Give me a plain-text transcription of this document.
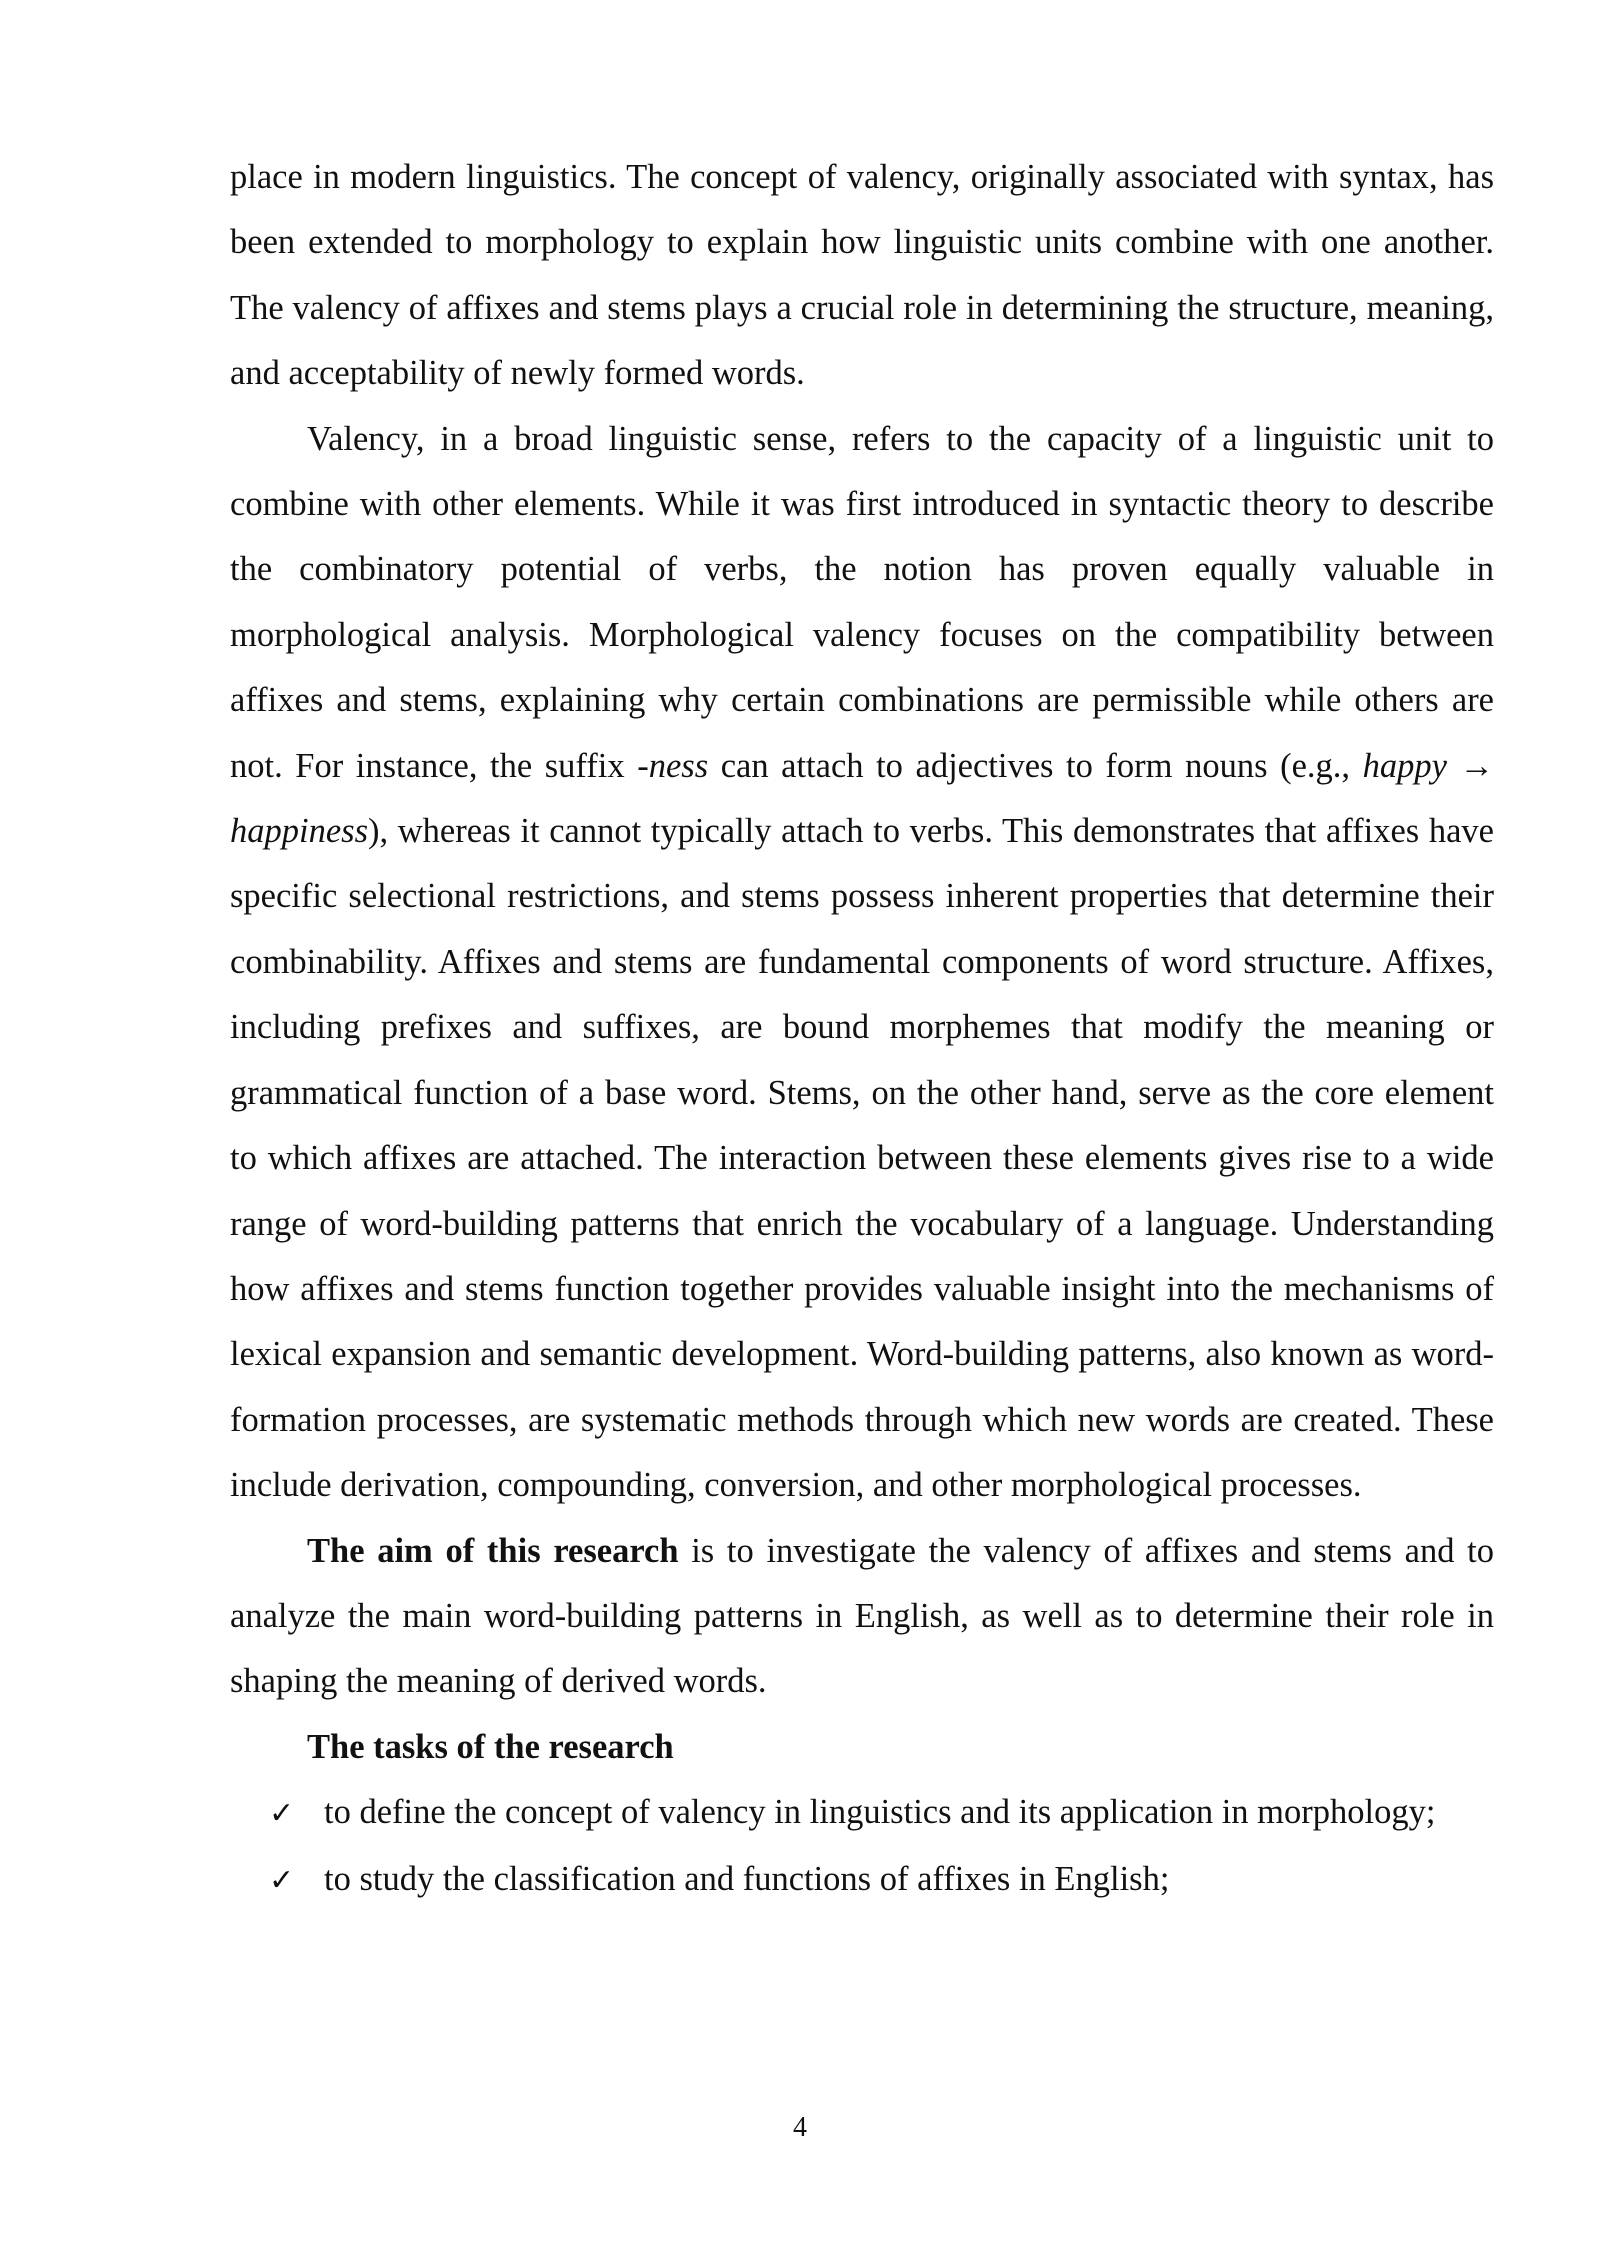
place in modern linguistics. The concept of valency, originally associated with syntax, has been extended to morphology to explain how linguistic units combine with one another. The valency of affixes and stems plays a crucial role in determining the structure, meaning, and acceptability of newly formed words.

Valency, in a broad linguistic sense, refers to the capacity of a linguistic unit to combine with other elements. While it was first introduced in syntactic theory to describe the combinatory potential of verbs, the notion has proven equally valuable in morphological analysis. Morphological valency focuses on the compatibility between affixes and stems, explaining why certain combinations are permissible while others are not. For instance, the suffix -ness can attach to adjectives to form nouns (e.g., happy → happiness), whereas it cannot typically attach to verbs. This demonstrates that affixes have specific selectional restrictions, and stems possess inherent properties that determine their combinability. Affixes and stems are fundamental components of word structure. Affixes, including prefixes and suffixes, are bound morphemes that modify the meaning or grammatical function of a base word. Stems, on the other hand, serve as the core element to which affixes are attached. The interaction between these elements gives rise to a wide range of word-building patterns that enrich the vocabulary of a language. Understanding how affixes and stems function together provides valuable insight into the mechanisms of lexical expansion and semantic development. Word-building patterns, also known as word-formation processes, are systematic methods through which new words are created. These include derivation, compounding, conversion, and other morphological processes.

The aim of this research is to investigate the valency of affixes and stems and to analyze the main word-building patterns in English, as well as to determine their role in shaping the meaning of derived words.

The tasks of the research

✓ to define the concept of valency in linguistics and its application in morphology;

✓ to study the classification and functions of affixes in English;

4
